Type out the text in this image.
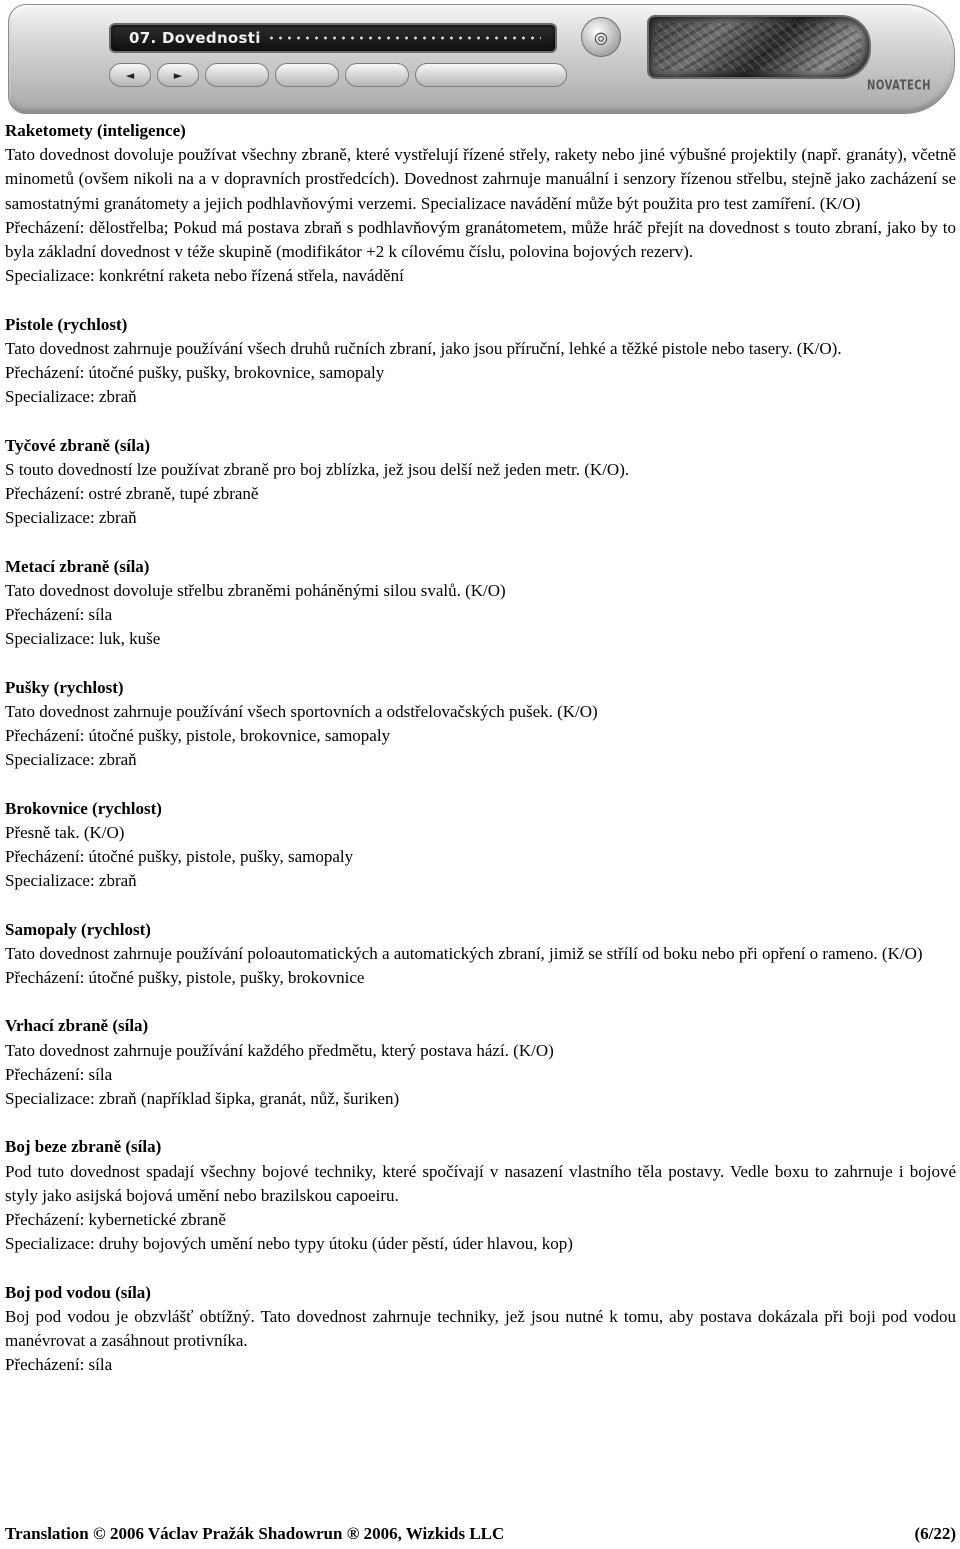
07. Dovednosti
◄	►
◎
NOVATECH

Raketomety (inteligence)

Tato dovednost dovoluje používat všechny zbraně, které vystřelují řízené střely, rakety nebo jiné výbušné projektily (např. granáty), včetně minometů (ovšem nikoli na a v dopravních prostředcích). Dovednost zahrnuje manuální i senzory řízenou střelbu, stejně jako zacházení se samostatnými granátomety a jejich podhlavňovými verzemi. Specializace navádění může být použita pro test zamíření. (K/O)

Přecházení: dělostřelba; Pokud má postava zbraň s podhlavňovým granátometem, může hráč přejít na dovednost s touto zbraní, jako by to byla základní dovednost v téže skupině (modifikátor +2 k cílovému číslu, polovina bojových rezerv).

Specializace: konkrétní raketa nebo řízená střela, navádění

Pistole (rychlost)

Tato dovednost zahrnuje používání všech druhů ručních zbraní, jako jsou příruční, lehké a těžké pistole nebo tasery. (K/O).

Přecházení: útočné pušky, pušky, brokovnice, samopaly

Specializace: zbraň

Tyčové zbraně (síla)

S touto dovedností lze používat zbraně pro boj zblízka, jež jsou delší než jeden metr. (K/O).

Přecházení: ostré zbraně, tupé zbraně

Specializace: zbraň

Metací zbraně (síla)

Tato dovednost dovoluje střelbu zbraněmi poháněnými silou svalů. (K/O)

Přecházení: síla

Specializace: luk, kuše

Pušky (rychlost)

Tato dovednost zahrnuje používání všech sportovních a odstřelovačských pušek. (K/O)

Přecházení: útočné pušky, pistole, brokovnice, samopaly

Specializace: zbraň

Brokovnice (rychlost)

Přesně tak. (K/O)

Přecházení: útočné pušky, pistole, pušky, samopaly

Specializace: zbraň

Samopaly (rychlost)

Tato dovednost zahrnuje používání poloautomatických a automatických zbraní, jimiž se střílí od boku nebo při opření o rameno. (K/O)

Přecházení: útočné pušky, pistole, pušky, brokovnice

Vrhací zbraně (síla)

Tato dovednost zahrnuje používání každého předmětu, který postava hází. (K/O)

Přecházení: síla

Specializace: zbraň (například šipka, granát, nůž, šuriken)

Boj beze zbraně (síla)

Pod tuto dovednost spadají všechny bojové techniky, které spočívají v nasazení vlastního těla postavy. Vedle boxu to zahrnuje i bojové styly jako asijská bojová umění nebo brazilskou capoeiru.

Přecházení: kybernetické zbraně

Specializace: druhy bojových umění nebo typy útoku (úder pěstí, úder hlavou, kop)

Boj pod vodou (síla)

Boj pod vodou je obzvlášť obtížný. Tato dovednost zahrnuje techniky, jež jsou nutné k tomu, aby postava dokázala při boji pod vodou manévrovat a zasáhnout protivníka.

Přecházení: síla

Translation © 2006 Václav Pražák Shadowrun ® 2006, Wizkids LLC	(6/22)
